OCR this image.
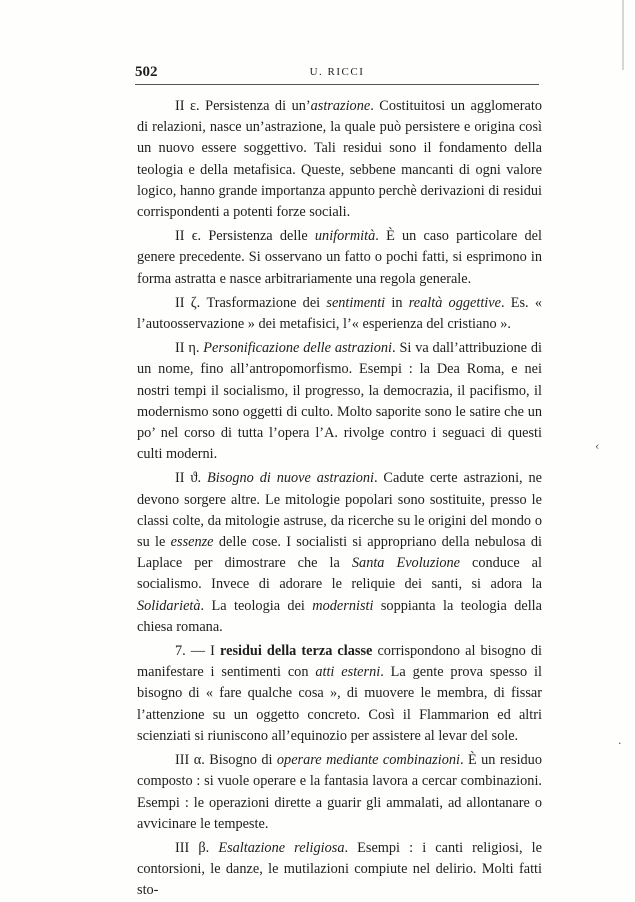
502	U. RICCI

II ε. Persistenza di un’astrazione. Costituitosi un agglomerato di relazioni, nasce un’astrazione, la quale può persistere e origina così un nuovo essere soggettivo. Tali residui sono il fondamento della teologia e della metafisica. Queste, sebbene mancanti di ogni valore logico, hanno grande importanza appunto perchè derivazioni di residui corrispondenti a potenti forze sociali.

II ϵ. Persistenza delle uniformità. È un caso particolare del genere precedente. Si osservano un fatto o pochi fatti, si esprimono in forma astratta e nasce arbitrariamente una regola generale.

II ζ. Trasformazione dei sentimenti in realtà oggettive. Es. « l’autoosservazione » dei metafisici, l’« esperienza del cristiano ».

II η. Personificazione delle astrazioni. Si va dall’attribuzione di un nome, fino all’antropomorfismo. Esempi : la Dea Roma, e nei nostri tempi il socialismo, il progresso, la democrazia, il pacifismo, il modernismo sono oggetti di culto. Molto saporite sono le satire che un po’ nel corso di tutta l’opera l’A. rivolge contro i seguaci di questi culti moderni.

II ϑ. Bisogno di nuove astrazioni. Cadute certe astrazioni, ne devono sorgere altre. Le mitologie popolari sono sostituite, presso le classi colte, da mitologie astruse, da ricerche su le origini del mondo o su le essenze delle cose. I socialisti si appropriano della nebulosa di Laplace per dimostrare che la Santa Evoluzione conduce al socialismo. Invece di adorare le reliquie dei santi, si adora la Solidarietà. La teologia dei modernisti soppianta la teologia della chiesa romana.

7. — I residui della terza classe corrispondono al bisogno di manifestare i sentimenti con atti esterni. La gente prova spesso il bisogno di « fare qualche cosa », di muovere le membra, di fissar l’attenzione su un oggetto concreto. Così il Flammarion ed altri scienziati si riuniscono all’equinozio per assistere al levar del sole.

III α. Bisogno di operare mediante combinazioni. È un residuo composto : si vuole operare e la fantasia lavora a cercar combinazioni. Esempi : le operazioni dirette a guarir gli ammalati, ad allontanare o avvicinare le tempeste.

III β. Esaltazione religiosa. Esempi : i canti religiosi, le contorsioni, le danze, le mutilazioni compiute nel delirio. Molti fatti sto-

‹
·
